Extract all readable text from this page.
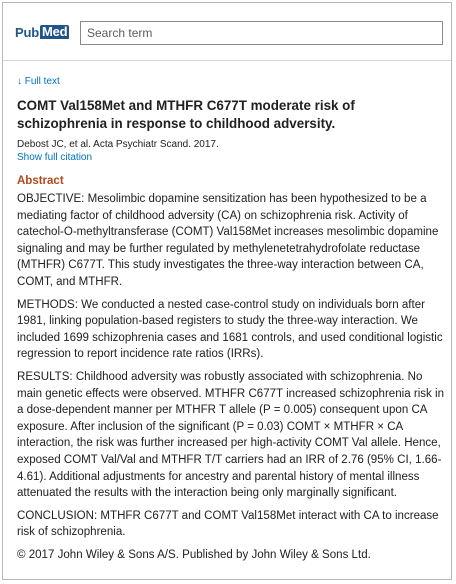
Pub Med
Search term
↓ Full text
COMT Val158Met and MTHFR C677T moderate risk of schizophrenia in response to childhood adversity.
Debost JC, et al. Acta Psychiatr Scand. 2017.
Show full citation
Abstract

OBJECTIVE: Mesolimbic dopamine sensitization has been hypothesized to be a mediating factor of childhood adversity (CA) on schizophrenia risk. Activity of catechol-O-methyltransferase (COMT) Val158Met increases mesolimbic dopamine signaling and may be further regulated by methylenetetrahydrofolate reductase (MTHFR) C677T. This study investigates the three-way interaction between CA, COMT, and MTHFR.

METHODS: We conducted a nested case-control study on individuals born after 1981, linking population-based registers to study the three-way interaction. We included 1699 schizophrenia cases and 1681 controls, and used conditional logistic regression to report incidence rate ratios (IRRs).

RESULTS: Childhood adversity was robustly associated with schizophrenia. No main genetic effects were observed. MTHFR C677T increased schizophrenia risk in a dose-dependent manner per MTHFR T allele (P = 0.005) consequent upon CA exposure. After inclusion of the significant (P = 0.03) COMT × MTHFR × CA interaction, the risk was further increased per high-activity COMT Val allele. Hence, exposed COMT Val/Val and MTHFR T/T carriers had an IRR of 2.76 (95% CI, 1.66-4.61). Additional adjustments for ancestry and parental history of mental illness attenuated the results with the interaction being only marginally significant.

CONCLUSION: MTHFR C677T and COMT Val158Met interact with CA to increase risk of schizophrenia.

© 2017 John Wiley & Sons A/S. Published by John Wiley & Sons Ltd.
